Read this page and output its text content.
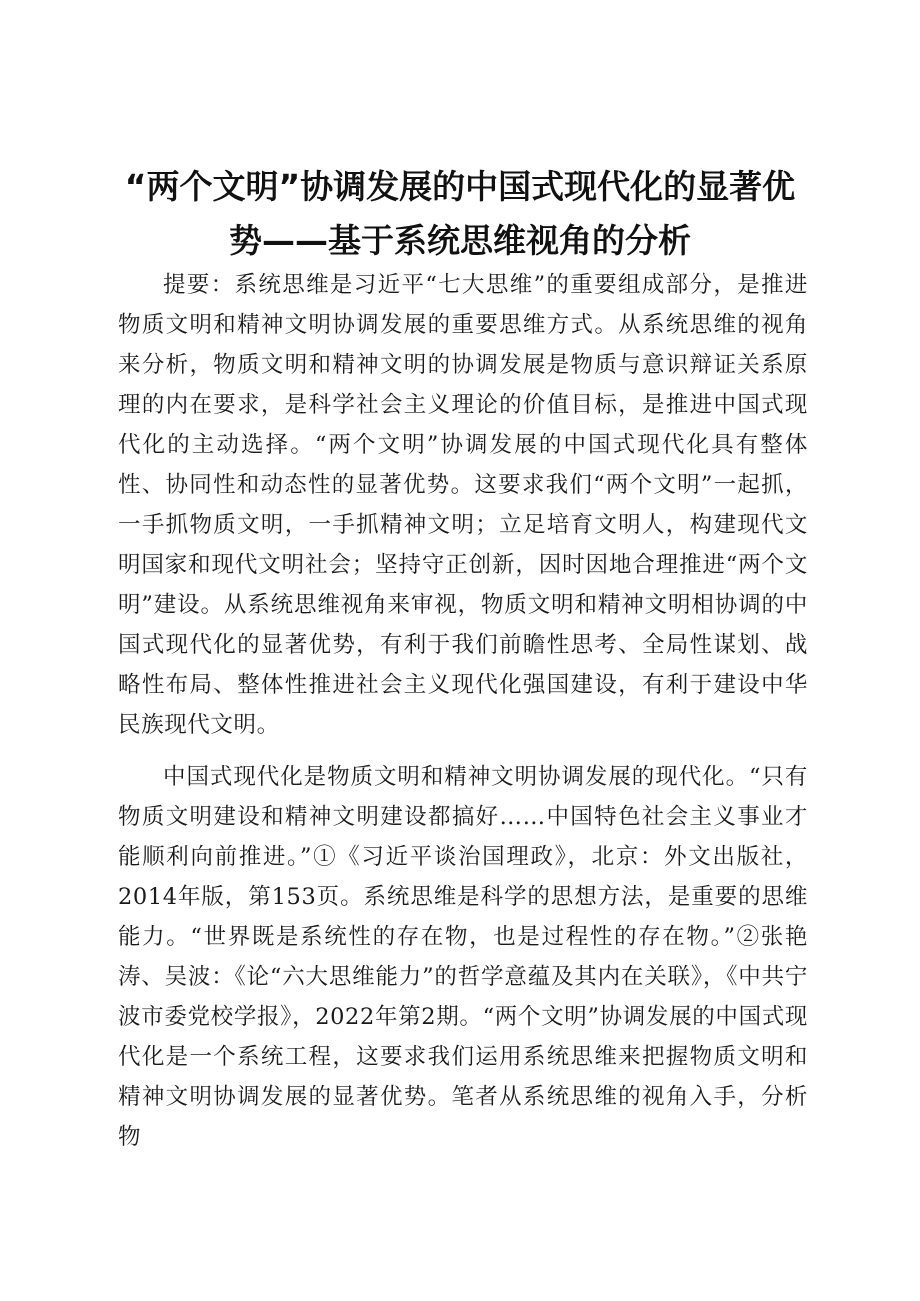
“两个文明”协调发展的中国式现代化的显著优
势——基于系统思维视角的分析

提要：系统思维是习近平“七大思维”的重要组成部分，是推进物质文明和精神文明协调发展的重要思维方式。从系统思维的视角来分析，物质文明和精神文明的协调发展是物质与意识辩证关系原理的内在要求，是科学社会主义理论的价值目标，是推进中国式现代化的主动选择。“两个文明”协调发展的中国式现代化具有整体性、协同性和动态性的显著优势。这要求我们“两个文明”一起抓，一手抓物质文明，一手抓精神文明；立足培育文明人，构建现代文明国家和现代文明社会；坚持守正创新，因时因地合理推进“两个文明”建设。从系统思维视角来审视，物质文明和精神文明相协调的中国式现代化的显著优势，有利于我们前瞻性思考、全局性谋划、战略性布局、整体性推进社会主义现代化强国建设，有利于建设中华民族现代文明。

中国式现代化是物质文明和精神文明协调发展的现代化。“只有物质文明建设和精神文明建设都搞好……中国特色社会主义事业才能顺利向前推进。”①《习近平谈治国理政》，北京：外文出版社，2014年版，第153页。系统思维是科学的思想方法，是重要的思维能力。“世界既是系统性的存在物，也是过程性的存在物。”②张艳涛、吴波：《论“六大思维能力”的哲学意蕴及其内在关联》，《中共宁波市委党校学报》，2022年第2期。“两个文明”协调发展的中国式现代化是一个系统工程，这要求我们运用系统思维来把握物质文明和精神文明协调发展的显著优势。笔者从系统思维的视角入手，分析物
